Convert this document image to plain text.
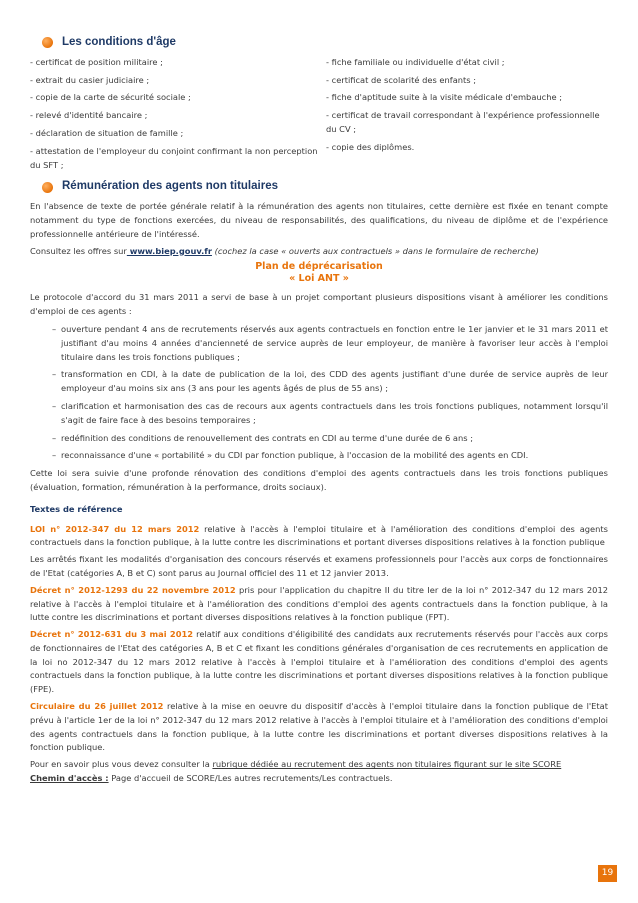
Les conditions d'âge
- certificat de position militaire ;
- extrait du casier judiciaire ;
- copie de la carte de sécurité sociale ;
- relevé d'identité bancaire ;
- déclaration de situation de famille ;
- attestation de l'employeur du conjoint confirmant la non perception du SFT ;
- fiche familiale ou individuelle d'état civil ;
- certificat de scolarité des enfants ;
- fiche d'aptitude suite à la visite médicale d'embauche ;
- certificat de travail correspondant à l'expérience professionnelle du CV ;
- copie des diplômes.
Rémunération des agents non titulaires

En l'absence de texte de portée générale relatif à la rémunération des agents non titulaires, cette dernière est fixée en tenant compte notamment du type de fonctions exercées, du niveau de responsabilités, des qualifications, du niveau de diplôme et de l'expérience professionnelle antérieure de l'intéressé.

Consultez les offres sur www.biep.gouv.fr (cochez la case « ouverts aux contractuels » dans le formulaire de recherche)

Plan de déprécarisation
« Loi ANT »

Le protocole d'accord du 31 mars 2011 a servi de base à un projet comportant plusieurs dispositions visant à améliorer les conditions d'emploi de ces agents :

– ouverture pendant 4 ans de recrutements réservés aux agents contractuels en fonction entre le 1er janvier et le 31 mars 2011 et justifiant d'au moins 4 années d'ancienneté de service auprès de leur employeur, de manière à favoriser leur accès à l'emploi titulaire dans les trois fonctions publiques ;
– transformation en CDI, à la date de publication de la loi, des CDD des agents justifiant d'une durée de service auprès de leur employeur d'au moins six ans (3 ans pour les agents âgés de plus de 55 ans) ;
– clarification et harmonisation des cas de recours aux agents contractuels dans les trois fonctions publiques, notamment lorsqu'il s'agit de faire face à des besoins temporaires ;
– redéfinition des conditions de renouvellement des contrats en CDI au terme d'une durée de 6 ans ;
– reconnaissance d'une « portabilité » du CDI par fonction publique, à l'occasion de la mobilité des agents en CDI.

Cette loi sera suivie d'une profonde rénovation des conditions d'emploi des agents contractuels dans les trois fonctions publiques (évaluation, formation, rémunération à la performance, droits sociaux).

Textes de référence

LOI n° 2012-347 du 12 mars 2012 relative à l'accès à l'emploi titulaire et à l'amélioration des conditions d'emploi des agents contractuels dans la fonction publique, à la lutte contre les discriminations et portant diverses dispositions relatives à la fonction publique

Les arrêtés fixant les modalités d'organisation des concours réservés et examens professionnels pour l'accès aux corps de fonctionnaires de l'Etat (catégories A, B et C) sont parus au Journal officiel des 11 et 12 janvier 2013.

Décret n° 2012-1293 du 22 novembre 2012 pris pour l'application du chapitre II du titre Ier de la loi n° 2012-347 du 12 mars 2012 relative à l'accès à l'emploi titulaire et à l'amélioration des conditions d'emploi des agents contractuels dans la fonction publique, à la lutte contre les discriminations et portant diverses dispositions relatives à la fonction publique (FPT).

Décret n° 2012-631 du 3 mai 2012 relatif aux conditions d'éligibilité des candidats aux recrutements réservés pour l'accès aux corps de fonctionnaires de l'Etat des catégories A, B et C et fixant les conditions générales d'organisation de ces recrutements en application de la loi no 2012-347 du 12 mars 2012 relative à l'accès à l'emploi titulaire et à l'amélioration des conditions d'emploi des agents contractuels dans la fonction publique, à la lutte contre les discriminations et portant diverses dispositions relatives à la fonction publique (FPE).

Circulaire du 26 juillet 2012 relative à la mise en oeuvre du dispositif d'accès à l'emploi titulaire dans la fonction publique de l'Etat prévu à l'article 1er de la loi n° 2012-347 du 12 mars 2012 relative à l'accès à l'emploi titulaire et à l'amélioration des conditions d'emploi des agents contractuels dans la fonction publique, à la lutte contre les discriminations et portant diverses dispositions relatives à la fonction publique.

Pour en savoir plus vous devez consulter la rubrique dédiée au recrutement des agents non titulaires figurant sur le site SCORE

Chemin d'accès : Page d'accueil de SCORE/Les autres recrutements/Les contractuels.

19
